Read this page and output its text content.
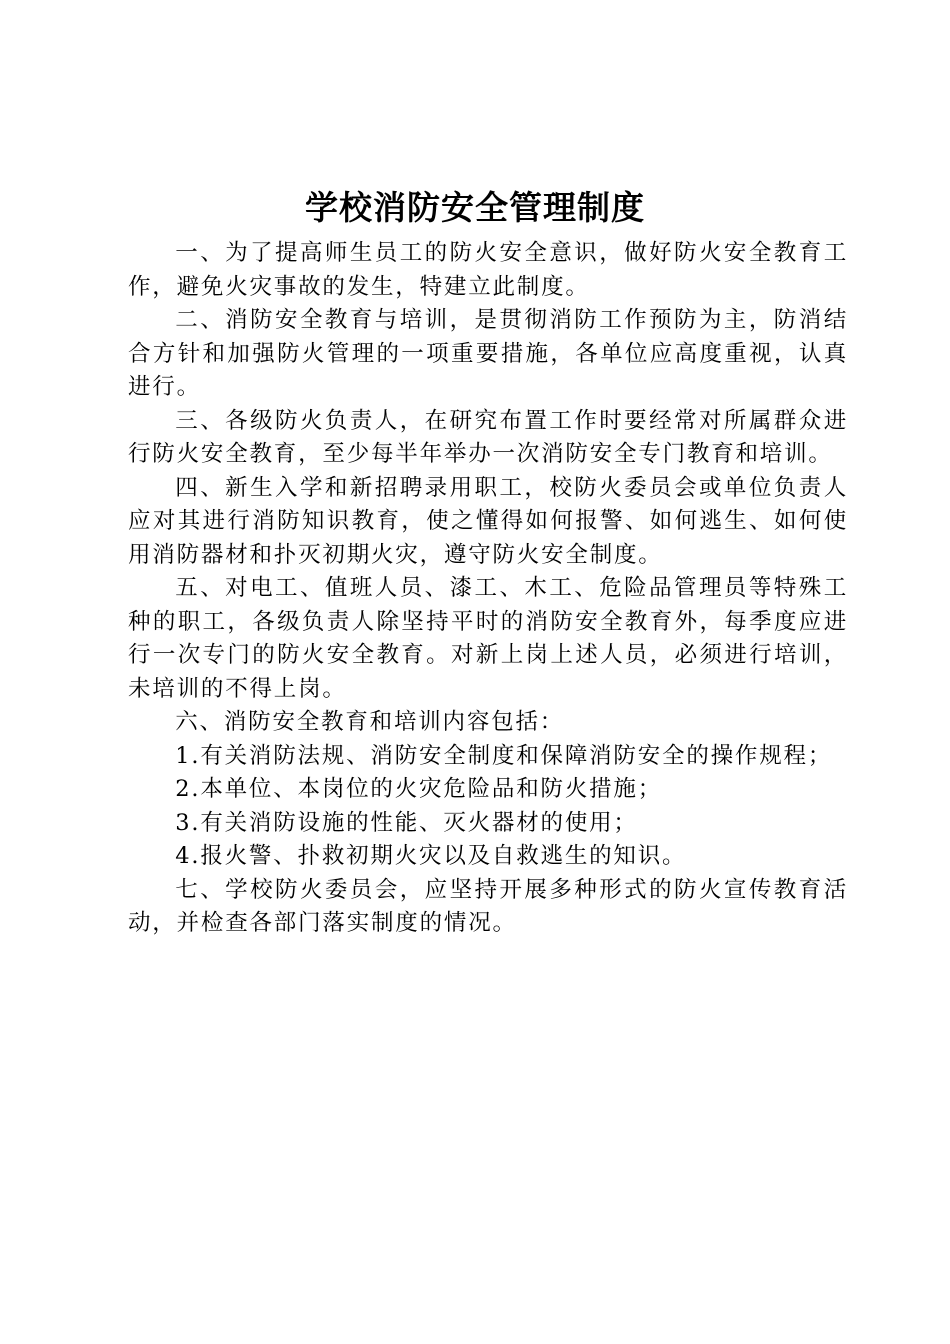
学校消防安全管理制度

一、为了提高师生员工的防火安全意识，做好防火安全教育工作，避免火灾事故的发生，特建立此制度。

二、消防安全教育与培训，是贯彻消防工作预防为主，防消结合方针和加强防火管理的一项重要措施，各单位应高度重视，认真进行。

三、各级防火负责人，在研究布置工作时要经常对所属群众进行防火安全教育，至少每半年举办一次消防安全专门教育和培训。

四、新生入学和新招聘录用职工，校防火委员会或单位负责人应对其进行消防知识教育，使之懂得如何报警、如何逃生、如何使用消防器材和扑灭初期火灾，遵守防火安全制度。

五、对电工、值班人员、漆工、木工、危险品管理员等特殊工种的职工，各级负责人除坚持平时的消防安全教育外，每季度应进行一次专门的防火安全教育。对新上岗上述人员，必须进行培训，未培训的不得上岗。

六、消防安全教育和培训内容包括：

1.有关消防法规、消防安全制度和保障消防安全的操作规程；

2.本单位、本岗位的火灾危险品和防火措施；

3.有关消防设施的性能、灭火器材的使用；

4.报火警、扑救初期火灾以及自救逃生的知识。

七、学校防火委员会，应坚持开展多种形式的防火宣传教育活动，并检查各部门落实制度的情况。
